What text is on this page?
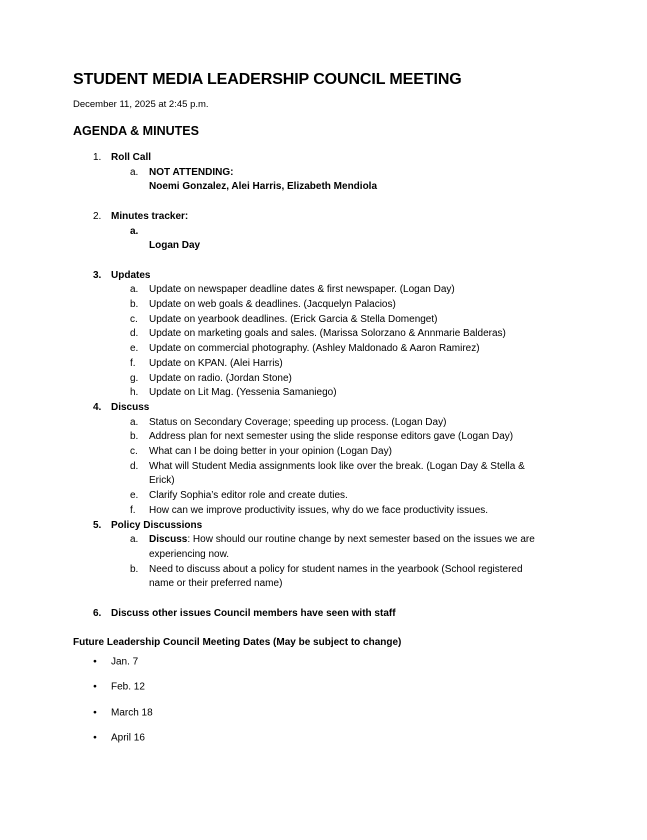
STUDENT MEDIA LEADERSHIP COUNCIL MEETING
December 11, 2025 at 2:45 p.m.
AGENDA & MINUTES
1. Roll Call
a. NOT ATTENDING:
Noemi Gonzalez, Alei Harris, Elizabeth Mendiola
2. Minutes tracker:
a.
Logan Day
3. Updates
a. Update on newspaper deadline dates & first newspaper. (Logan Day)
b. Update on web goals & deadlines. (Jacquelyn Palacios)
c. Update on yearbook deadlines. (Erick Garcia & Stella Domenget)
d. Update on marketing goals and sales. (Marissa Solorzano & Annmarie Balderas)
e. Update on commercial photography. (Ashley Maldonado & Aaron Ramirez)
f. Update on KPAN. (Alei Harris)
g. Update on radio. (Jordan Stone)
h. Update on Lit Mag. (Yessenia Samaniego)
4. Discuss
a. Status on Secondary Coverage; speeding up process. (Logan Day)
b. Address plan for next semester using the slide response editors gave (Logan Day)
c. What can I be doing better in your opinion (Logan Day)
d. What will Student Media assignments look like over the break. (Logan Day & Stella &
Erick)
e. Clarify Sophia’s editor role and create duties.
f. How can we improve productivity issues, why do we face productivity issues.
5. Policy Discussions
a. Discuss: How should our routine change by next semester based on the issues we are
experiencing now.
b. Need to discuss about a policy for student names in the yearbook (School registered
name or their preferred name)
6. Discuss other issues Council members have seen with staff
Future Leadership Council Meeting Dates (May be subject to change)
● Jan. 7
● Feb. 12
● March 18
● April 16
